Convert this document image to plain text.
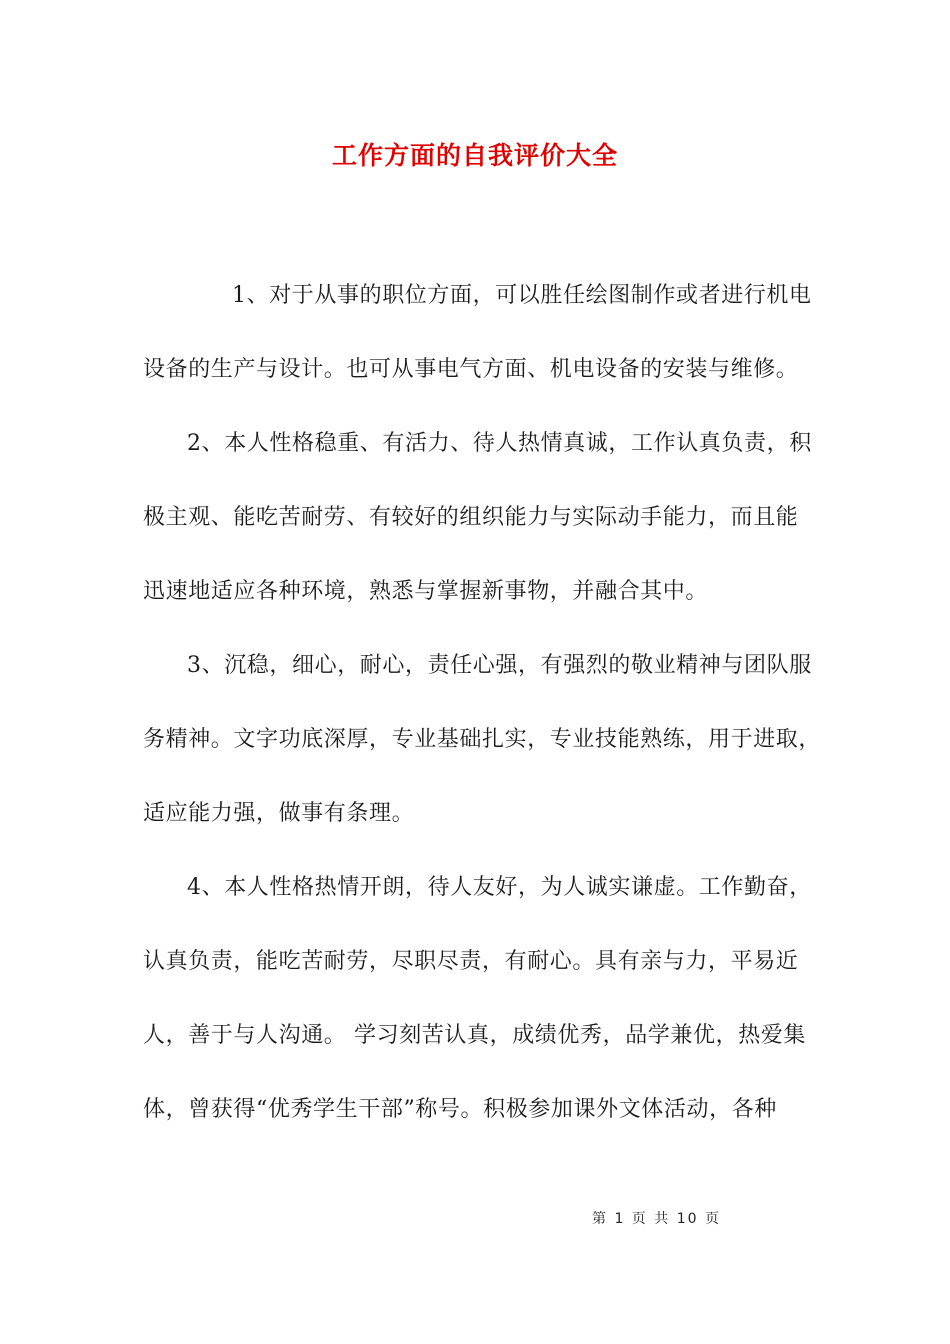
工作方面的自我评价大全
1、对于从事的职位方面，可以胜任绘图制作或者进行机电
设备的生产与设计。也可从事电气方面、机电设备的安装与维修。
2、本人性格稳重、有活力、待人热情真诚，工作认真负责，积
极主观、能吃苦耐劳、有较好的组织能力与实际动手能力，而且能
迅速地适应各种环境，熟悉与掌握新事物，并融合其中。
3、沉稳，细心，耐心，责任心强，有强烈的敬业精神与团队服
务精神。文字功底深厚，专业基础扎实，专业技能熟练，用于进取，
适应能力强，做事有条理。
4、本人性格热情开朗，待人友好，为人诚实谦虚。工作勤奋，
认真负责，能吃苦耐劳，尽职尽责，有耐心。具有亲与力，平易近
人，善于与人沟通。 学习刻苦认真，成绩优秀，品学兼优，热爱集
体，曾获得“优秀学生干部”称号。积极参加课外文体活动，各种
第 1 页 共 10 页
